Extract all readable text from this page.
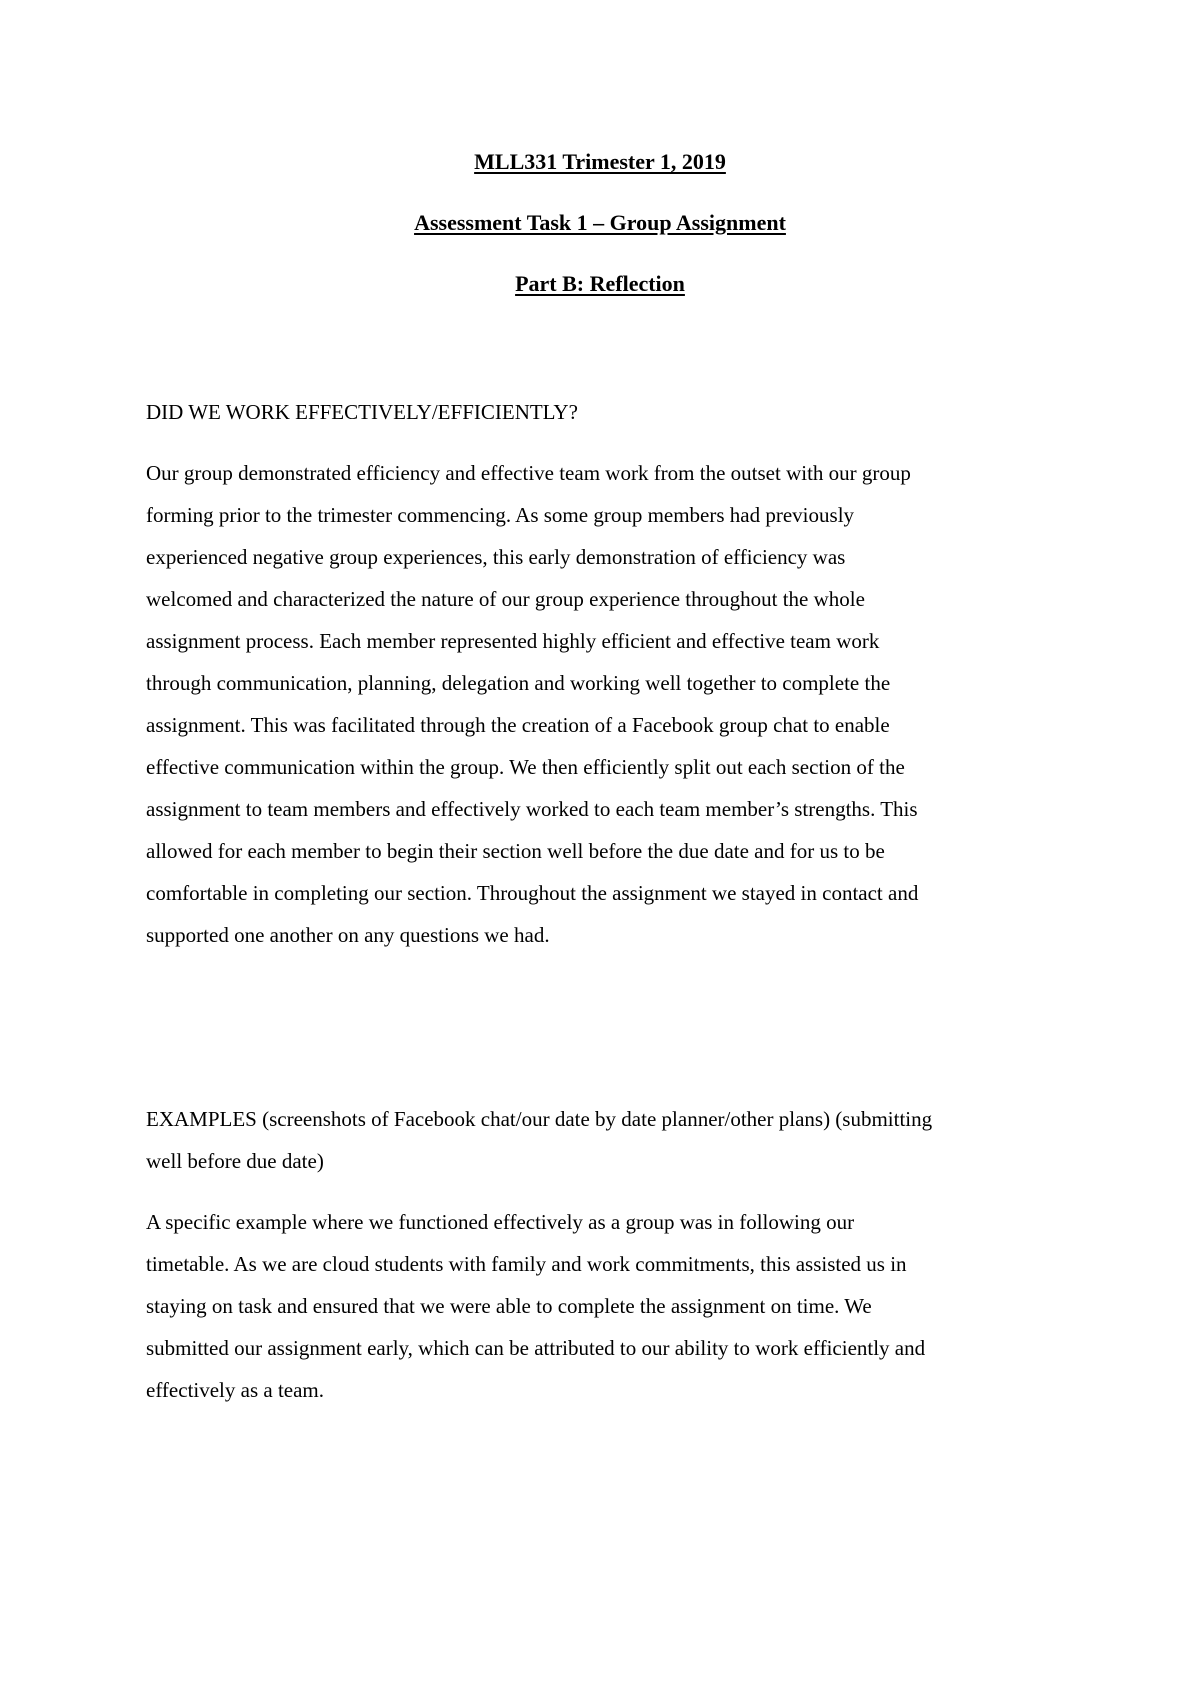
MLL331 Trimester 1, 2019
Assessment Task 1 – Group Assignment
Part B: Reflection

DID WE WORK EFFECTIVELY/EFFICIENTLY?

Our group demonstrated efficiency and effective team work from the outset with our group
forming prior to the trimester commencing. As some group members had previously
experienced negative group experiences, this early demonstration of efficiency was
welcomed and characterized the nature of our group experience throughout the whole
assignment process. Each member represented highly efficient and effective team work
through communication, planning, delegation and working well together to complete the
assignment. This was facilitated through the creation of a Facebook group chat to enable
effective communication within the group. We then efficiently split out each section of the
assignment to team members and effectively worked to each team member’s strengths. This
allowed for each member to begin their section well before the due date and for us to be
comfortable in completing our section. Throughout the assignment we stayed in contact and
supported one another on any questions we had.
EXAMPLES (screenshots of Facebook chat/our date by date planner/other plans) (submitting
well before due date)
A specific example where we functioned effectively as a group was in following our
timetable. As we are cloud students with family and work commitments, this assisted us in
staying on task and ensured that we were able to complete the assignment on time. We
submitted our assignment early, which can be attributed to our ability to work efficiently and
effectively as a team.
